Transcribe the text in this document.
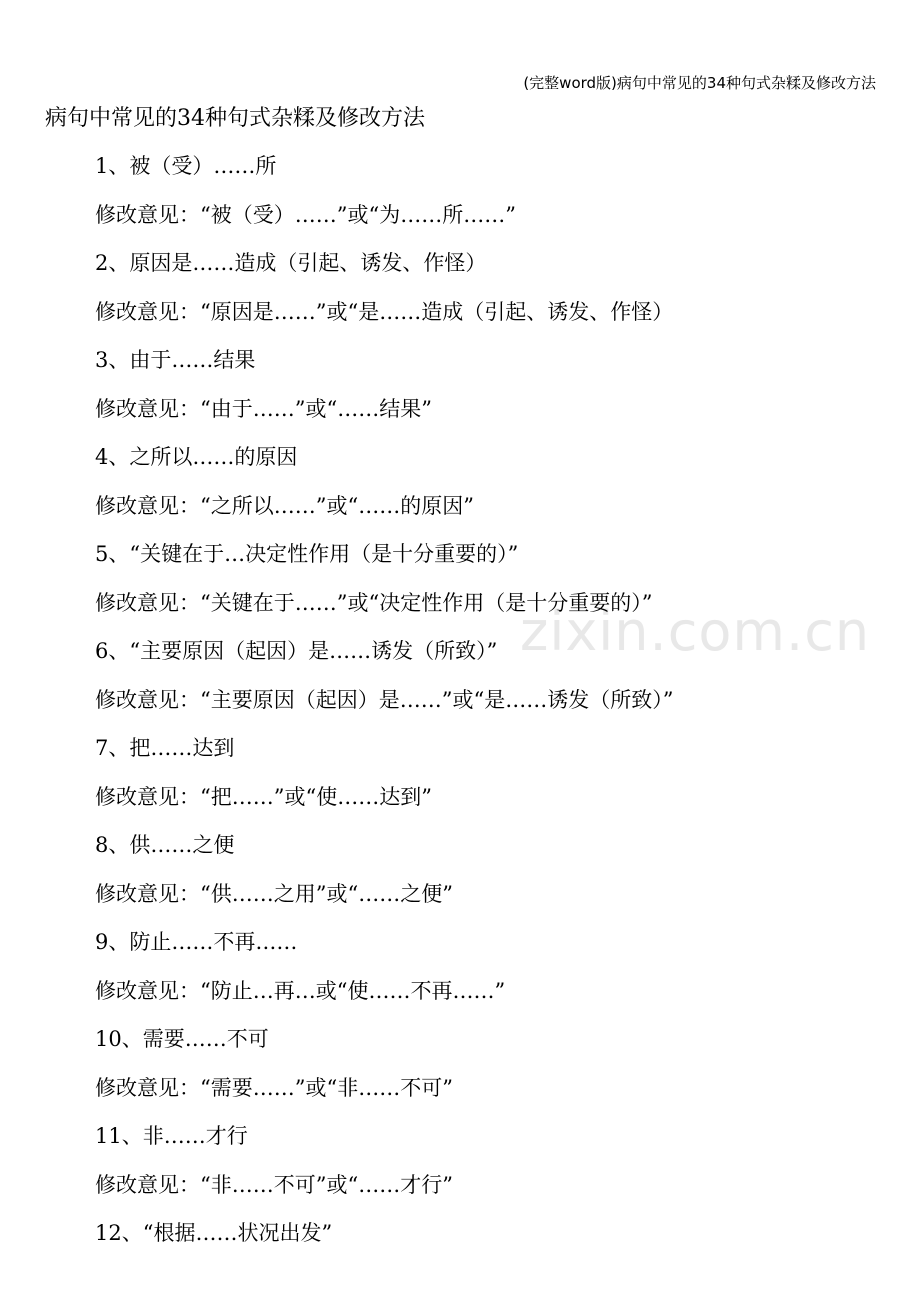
(完整word版)病句中常见的34种句式杂糅及修改方法
病句中常见的34种句式杂糅及修改方法
zixin.com.cn
1、被（受）……所
修改意见：“被（受）……”或“为……所……”
2、原因是……造成（引起、诱发、作怪）
修改意见：“原因是……”或“是……造成（引起、诱发、作怪）
3、由于……结果
修改意见：“由于……”或“……结果”
4、之所以……的原因
修改意见：“之所以……”或“……的原因”
5、“关键在于…决定性作用（是十分重要的）”
修改意见：“关键在于……”或“决定性作用（是十分重要的）”
6、“主要原因（起因）是……诱发（所致）”
修改意见：“主要原因（起因）是……”或“是……诱发（所致）”
7、把……达到
修改意见：“把……”或“使……达到”
8、供……之便
修改意见：“供……之用”或“……之便”
9、防止……不再……
修改意见：“防止…再…或“使……不再……”
10、需要……不可
修改意见：“需要……”或“非……不可”
11、非……才行
修改意见：“非……不可”或“……才行”
12、“根据……状况出发”
